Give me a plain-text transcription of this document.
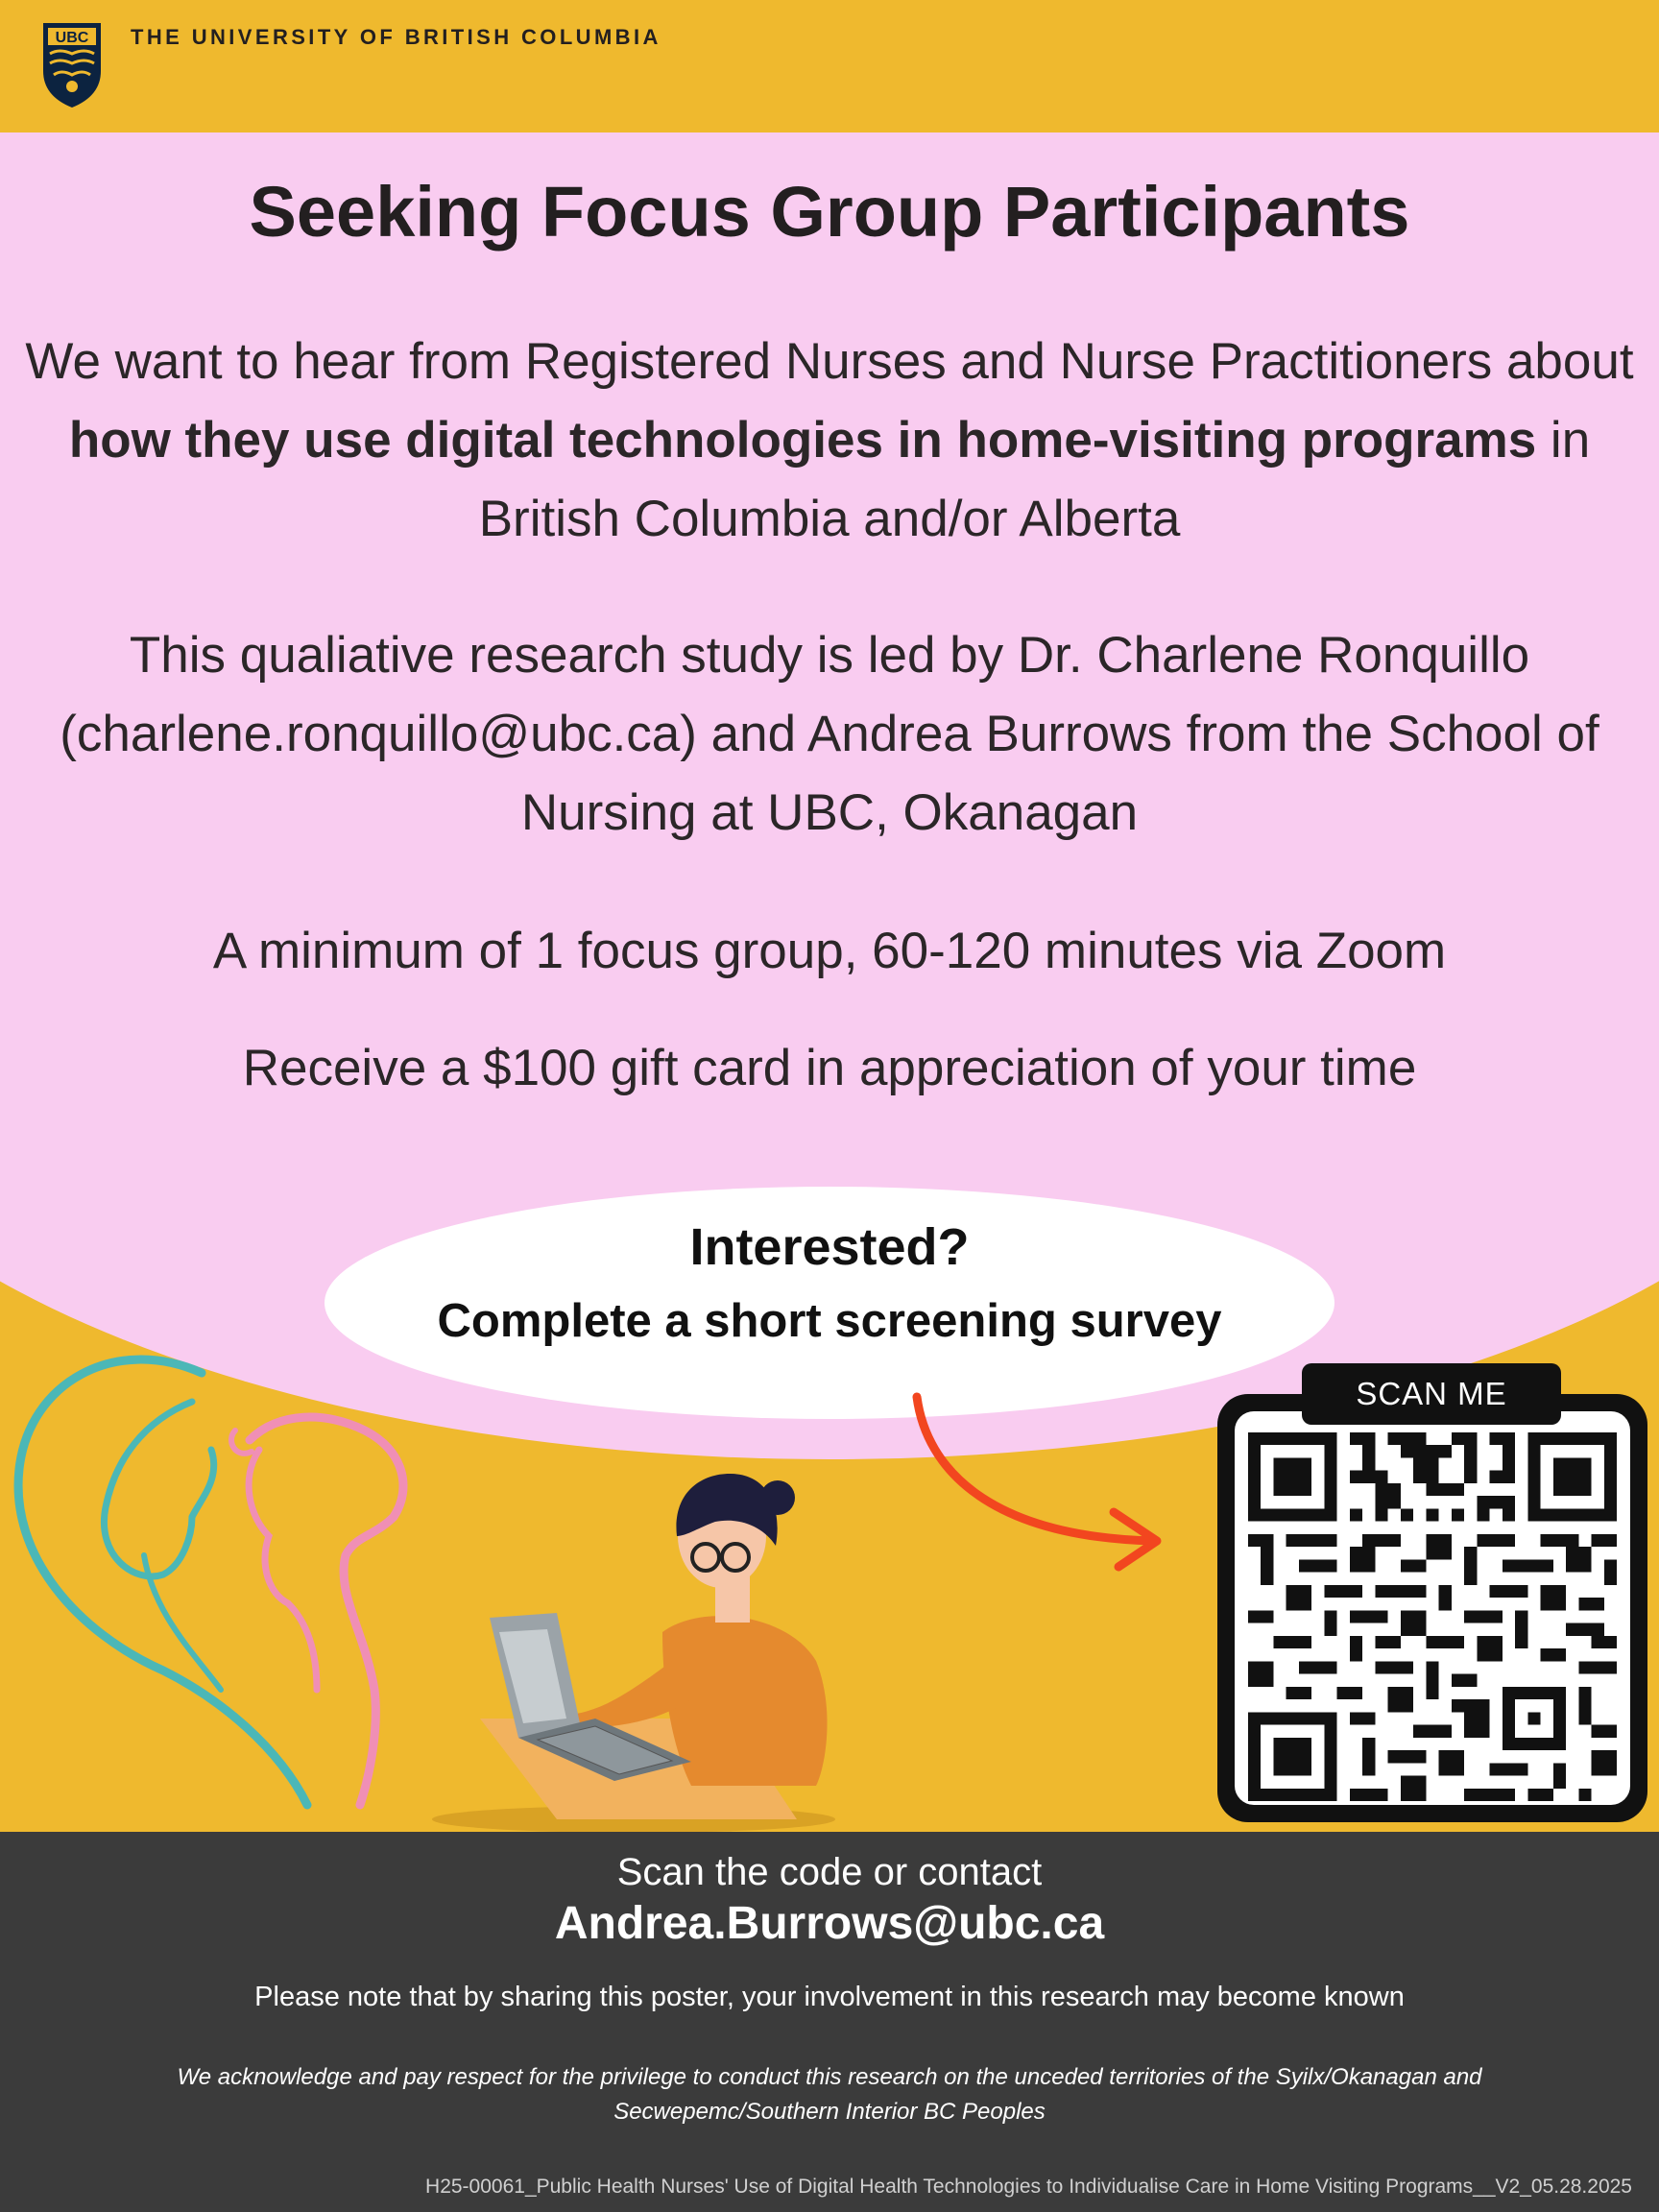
UBC THE UNIVERSITY OF BRITISH COLUMBIA
Seeking Focus Group Participants
We want to hear from Registered Nurses and Nurse Practitioners about how they use digital technologies in home-visiting programs in British Columbia and/or Alberta
This qualiative research study is led by Dr. Charlene Ronquillo (charlene.ronquillo@ubc.ca) and Andrea Burrows from the School of Nursing at UBC, Okanagan
A minimum of 1 focus group, 60-120 minutes via Zoom
Receive a $100 gift card in appreciation of your time
Interested?
Complete a short screening survey
SCAN ME
Scan the code or contact
Andrea.Burrows@ubc.ca
Please note that by sharing this poster, your involvement in this research may become known
We acknowledge and pay respect for the privilege to conduct this research on the unceded territories of the Syilx/Okanagan and Secwepemc/Southern Interior BC Peoples
H25-00061_Public Health Nurses' Use of Digital Health Technologies to Individualise Care in Home Visiting Programs__V2_05.28.2025
